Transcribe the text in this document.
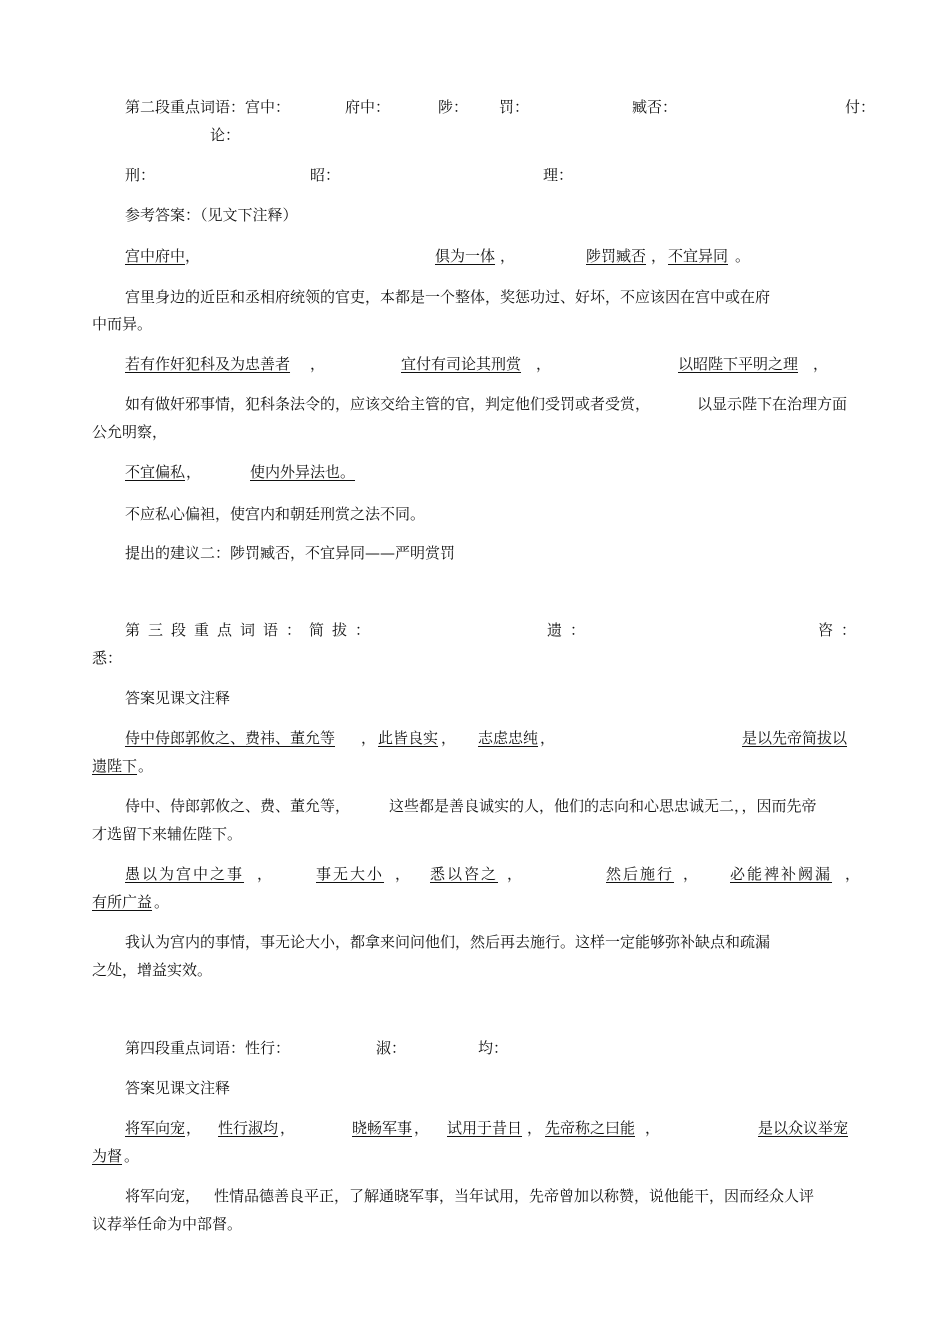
第二段重点词语：宫中：	府中：	陟： 罚：	臧否：	付：
论：
刑：	昭：	理：
参考答案：（见文下注释）
宫中府中 ，	俱为一体 ，	陟罚臧否 ， 不宜异同 。
宫里身边的近臣和丞相府统领的官吏，本都是一个整体，奖惩功过、好坏，不应该因在宫中或在府
中而异。
若有作奸犯科及为忠善者 ，	宜付有司论其刑赏 ，	以昭陛下平明之理 ，
如有做奸邪事情，犯科条法令的，应该交给主管的官，判定他们受罚或者受赏，	以显示陛下在治理方面
公允明察，
不宜偏私 ，	使内外异法也。
不应私心偏袒，使宫内和朝廷刑赏之法不同。
提出的建议二：陟罚臧否，不宜异同——严明赏罚
第三段重点词语：简拔：	遗：	咨：
悉：
答案见课文注释
侍中侍郎郭攸之、费祎、董允等 ， 此皆良实 ， 志虑忠纯 ，	是以先帝简拔以
遗陛下 。
侍中、侍郎郭攸之、费、董允等，	这些都是善良诚实的人，他们的志向和心思忠诚无二，，因而先帝
才选留下来辅佐陛下。
愚以为宫中之事 ，	事无大小 ， 悉以咨之 ，	然后施行 ， 必能裨补阙漏 ，
有所广益 。
我认为宫内的事情，事无论大小，都拿来问问他们，然后再去施行。这样一定能够弥补缺点和疏漏
之处，增益实效。
第四段重点词语：性行：	淑：	均：
答案见课文注释
将军向宠 ， 性行淑均 ，	晓畅军事 ， 试用于昔日 ， 先帝称之曰能 ，	是以众议举宠
为督 。
将军向宠， 性情品德善良平正，了解通晓军事，当年试用，先帝曾加以称赞，说他能干，因而经众人评
议荐举任命为中部督。
